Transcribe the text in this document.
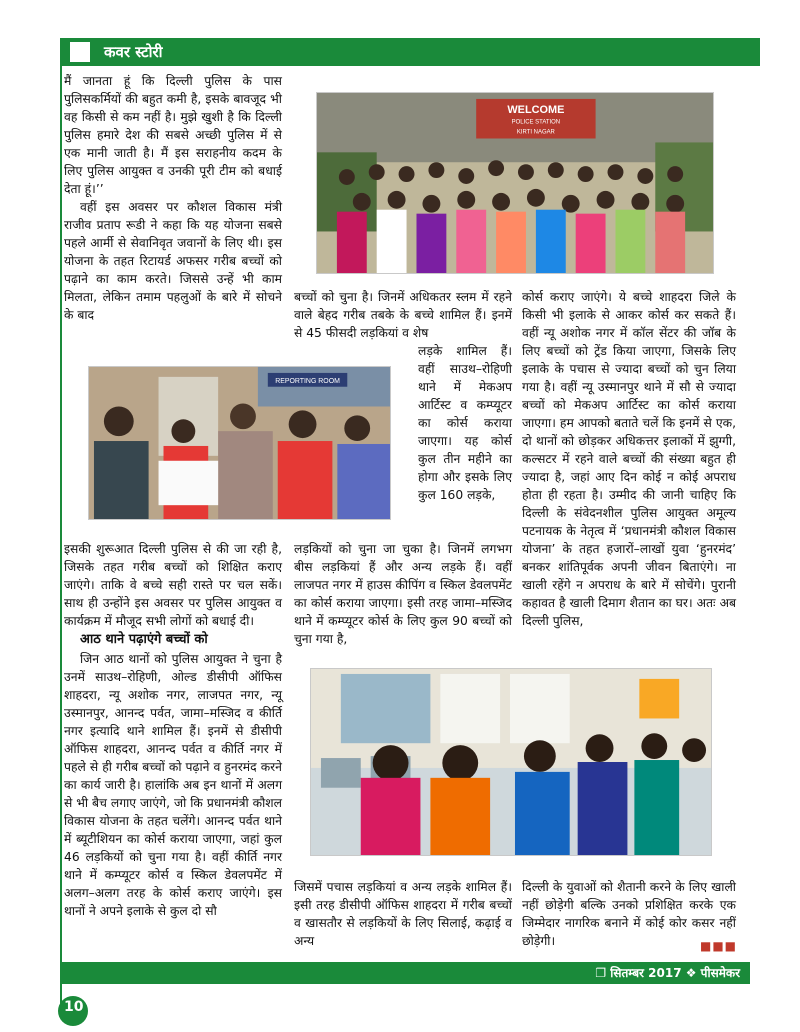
कवर स्टोरी

मैं जानता हूं कि दिल्ली पुलिस के पास पुलिसकर्मियों की बहुत कमी है, इसके बावजूद भी वह किसी से कम नहीं है। मुझे खुशी है कि दिल्ली पुलिस हमारे देश की सबसे अच्छी पुलिस में से एक मानी जाती है। मैं इस सराहनीय कदम के लिए पुलिस आयुक्त व उनकी पूरी टीम को बधाई देता हूं।’’

वहीं इस अवसर पर कौशल विकास मंत्री राजीव प्रताप रूडी ने कहा कि यह योजना सबसे पहले आर्मी से सेवानिवृत जवानों के लिए थी। इस योजना के तहत रिटायर्ड अफसर गरीब बच्चों को पढ़ाने का काम करते। जिससे उन्हें भी काम मिलता, लेकिन तमाम पहलुओं के बारे में सोचने के बाद

WELCOME
POLICE STATION
KIRTI NAGAR

बच्चों को चुना है। जिनमें अधिकतर स्लम में रहने वाले बेहद गरीब तबके के बच्चे शामिल हैं। इनमें से 45 फीसदी लड़कियां व शेष

लड़के शामिल हैं। वहीं साउथ–रोहिणी थाने में मेकअप आर्टिस्ट व कम्प्यूटर का कोर्स कराया जाएगा। यह कोर्स कुल तीन महीने का होगा और इसके लिए कुल 160 लड़के,

कोर्स कराए जाएंगे। ये बच्चे शाहदरा जिले के किसी भी इलाके से आकर कोर्स कर सकते हैं। वहीं न्यू अशोक नगर में कॉल सेंटर की जॉब के लिए बच्चों को ट्रेंड किया जाएगा, जिसके लिए इलाके के पचास से ज्यादा बच्चों को चुन लिया गया है। वहीं न्यू उस्मानपुर थाने में सौ से ज्यादा बच्चों को मेकअप आर्टिस्ट का कोर्स कराया जाएगा। हम आपको बताते चलें कि इनमें से एक, दो थानों को छोड़कर अधिकत्तर इलाकों में झुग्गी, कल्सटर में रहने वाले बच्चों की संख्या बहुत ही ज्यादा है, जहां आए दिन कोई न कोई अपराध होता ही रहता है। उम्मीद की जानी चाहिए कि दिल्ली के संवेदनशील पुलिस आयुक्त अमूल्य पटनायक के नेतृत्व में ‘प्रधानमंत्री कौशल विकास योजना’ के तहत हजारों–लाखों युवा ‘हुनरमंद’ बनकर शांतिपूर्वक अपनी जीवन बिताएंगे। ना खाली रहेंगे न अपराध के बारे में सोचेंगे। पुरानी कहावत है खाली दिमाग शैतान का घर। अतः अब दिल्ली पुलिस,

REPORTING ROOM

इसकी शुरूआत दिल्ली पुलिस से की जा रही है, जिसके तहत गरीब बच्चों को शिक्षित कराए जाएंगे। ताकि वे बच्चे सही रास्ते पर चल सकें। साथ ही उन्होंने इस अवसर पर पुलिस आयुक्त व कार्यक्रम में मौजूद सभी लोगों को बधाई दी।

आठ थाने पढ़ाएंगे बच्चों को

जिन आठ थानों को पुलिस आयुक्त ने चुना है उनमें साउथ–रोहिणी, ओल्ड डीसीपी ऑफिस शाहदरा, न्यू अशोक नगर, लाजपत नगर, न्यू उस्मानपुर, आनन्द पर्वत, जामा–मस्जिद व कीर्ति नगर इत्यादि थाने शामिल हैं। इनमें से डीसीपी ऑफिस शाहदरा, आनन्द पर्वत व कीर्ति नगर में पहले से ही गरीब बच्चों को पढ़ाने व हुनरमंद करने का कार्य जारी है। हालांकि अब इन थानों में अलग से भी बैच लगाए जाएंगे, जो कि प्रधानमंत्री कौशल विकास योजना के तहत चलेंगे। आनन्द पर्वत थाने में ब्यूटीशियन का कोर्स कराया जाएगा, जहां कुल 46 लड़कियों को चुना गया है। वहीं कीर्ति नगर थाने में कम्प्यूटर कोर्स व स्किल डेवलपमेंट में अलग–अलग तरह के कोर्स कराए जाएंगे। इस थानों ने अपने इलाके से कुल दो सौ

लड़कियों को चुना जा चुका है। जिनमें लगभग बीस लड़कियां हैं और अन्य लड़के हैं। वहीं लाजपत नगर में हाउस कीपिंग व स्किल डेवलपमेंट का कोर्स कराया जाएगा। इसी तरह जामा–मस्जिद थाने में कम्प्यूटर कोर्स के लिए कुल 90 बच्चों को चुना गया है,

जिसमें पचास लड़कियां व अन्य लड़के शामिल हैं। इसी तरह डीसीपी ऑफिस शाहदरा में गरीब बच्चों व खासतौर से लड़कियों के लिए सिलाई, कढ़ाई व अन्य

दिल्ली के युवाओं को शैतानी करने के लिए खाली नहीं छोड़ेगी बल्कि उनको प्रशिक्षित करके एक जिम्मेदार नागरिक बनाने में कोई कोर कसर नहीं छोड़ेगी।	■■■
❐ सितम्बर 2017 ❖ पीसमेकर
10
